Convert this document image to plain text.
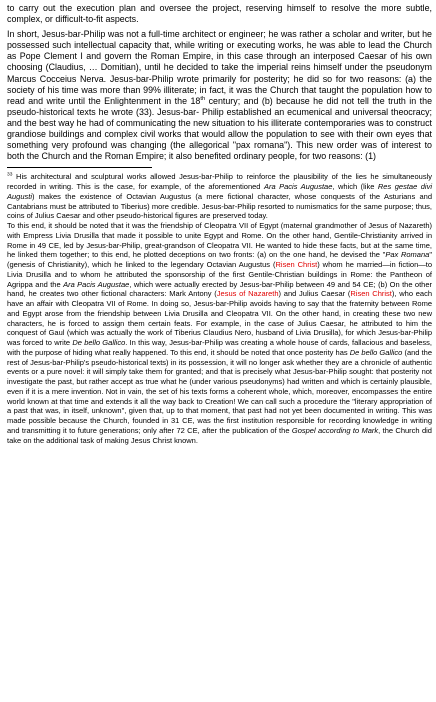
to carry out the execution plan and oversee the project, reserving himself to resolve the more subtle, complex, or difficult-to-fit aspects.

In short, Jesus-bar-Philip was not a full-time architect or engineer; he was rather a scholar and writer, but he possessed such intellectual capacity that, while writing or executing works, he was able to lead the Church as Pope Clement I and govern the Roman Empire, in this case through an interposed Caesar of his own choosing (Claudius, … Domitian), until he decided to take the imperial reins himself under the pseudonym Marcus Cocceius Nerva. Jesus-bar-Philip wrote primarily for posterity; he did so for two reasons: (a) the society of his time was more than 99% illiterate; in fact, it was the Church that taught the population how to read and write until the Enlightenment in the 18th century; and (b) because he did not tell the truth in the pseudo-historical texts he wrote (33). Jesus-bar- Philip established an ecumenical and universal theocracy; and the best way he had of communicating the new situation to his illiterate contemporaries was to construct grandiose buildings and complex civil works that would allow the population to see with their own eyes that something very profound was changing (the allegorical "pax romana"). This new order was of interest to both the Church and the Roman Empire; it also benefited ordinary people, for two reasons: (1)

$^{33}$ His architectural and sculptural works allowed Jesus-bar-Philip to reinforce the plausibility of the lies he simultaneously recorded in writing. This is the case, for example, of the aforementioned Ara Pacis Augustae, which (like Res gestae divi Augusti) makes the existence of Octavian Augustus (a mere fictional character, whose conquests of the Asturians and Cantabrians must be attributed to Tiberius) more credible. Jesus-bar-Philip resorted to numismatics for the same purpose; thus, coins of Julius Caesar and other pseudo-historical figures are preserved today.

To this end, it should be noted that it was the friendship of Cleopatra VII of Egypt (maternal grandmother of Jesus of Nazareth) with Empress Livia Drusilla that made it possible to unite Egypt and Rome. On the other hand, Gentile-Christianity arrived in Rome in 49 CE, led by Jesus-bar-Philip, great-grandson of Cleopatra VII. He wanted to hide these facts, but at the same time, he linked them together; to this end, he plotted deceptions on two fronts: (a) on the one hand, he devised the "Pax Romana" (genesis of Christianity), which he linked to the legendary Octavian Augustus (Risen Christ) whom he married—in fiction—to Livia Drusilla and to whom he attributed the sponsorship of the first Gentile-Christian buildings in Rome: the Pantheon of Agrippa and the Ara Pacis Augustae, which were actually erected by Jesus-bar-Philip between 49 and 54 CE; (b) On the other hand, he creates two other fictional characters: Mark Antony (Jesus of Nazareth) and Julius Caesar (Risen Christ), who each have an affair with Cleopatra VII of Rome. In doing so, Jesus-bar-Philip avoids having to say that the fraternity between Rome and Egypt arose from the friendship between Livia Drusilla and Cleopatra VII. On the other hand, in creating these two new characters, he is forced to assign them certain feats. For example, in the case of Julius Caesar, he attributed to him the conquest of Gaul (which was actually the work of Tiberius Claudius Nero, husband of Livia Drusilla), for which Jesus-bar-Philip was forced to write De bello Gallico. In this way, Jesus-bar-Philip was creating a whole house of cards, fallacious and baseless, with the purpose of hiding what really happened. To this end, it should be noted that once posterity has De bello Gallico (and the rest of Jesus-bar-Philip's pseudo-historical texts) in its possession, it will no longer ask whether they are a chronicle of authentic events or a pure novel: it will simply take them for granted; and that is precisely what Jesus-bar-Philip sought: that posterity not investigate the past, but rather accept as true what he (under various pseudonyms) had written and which is certainly plausible, even if it is a mere invention. Not in vain, the set of his texts forms a coherent whole, which, moreover, encompasses the entire world known at that time and extends it all the way back to Creation! We can call such a procedure the "literary appropriation of a past that was, in itself, unknown", given that, up to that moment, that past had not yet been documented in writing. This was made possible because the Church, founded in 31 CE, was the first institution responsible for recording knowledge in writing and transmitting it to future generations; only after 72 CE, after the publication of the Gospel according to Mark, the Church did take on the additional task of making Jesus Christ known.
